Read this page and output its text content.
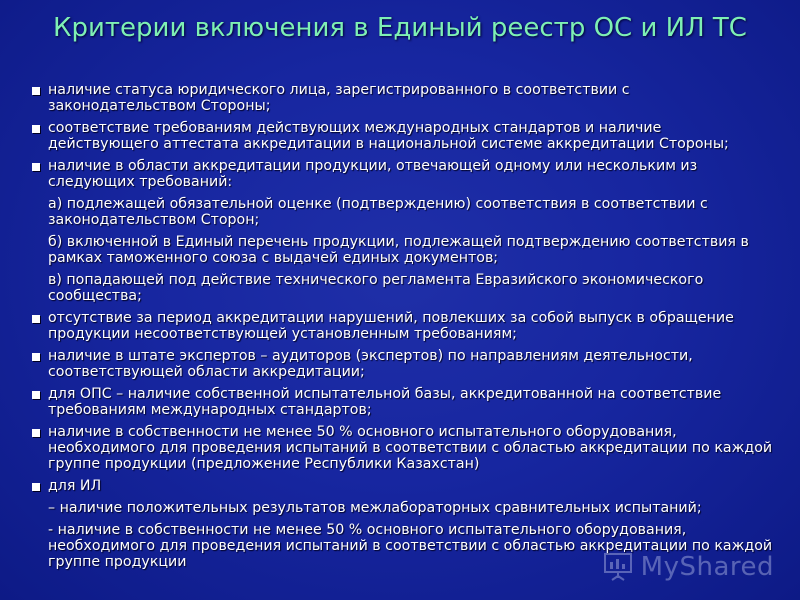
Критерии включения в Единый реестр ОС и ИЛ ТС
наличие статуса юридического лица, зарегистрированного в соответствии с законодательством Стороны;
соответствие требованиям действующих международных стандартов и наличие действующего аттестата аккредитации в национальной системе аккредитации Стороны;
наличие в области аккредитации продукции, отвечающей одному или нескольким из следующих требований:
а) подлежащей обязательной оценке (подтверждению) соответствия в соответствии с законодательством Сторон;
б) включенной в Единый перечень продукции, подлежащей подтверждению соответствия в рамках таможенного союза с выдачей единых документов;
в) попадающей под действие технического регламента Евразийского экономического сообщества;
отсутствие за период аккредитации нарушений, повлекших за собой выпуск в обращение продукции несоответствующей установленным требованиям;
наличие в штате экспертов – аудиторов (экспертов) по направлениям деятельности, соответствующей области аккредитации;
для ОПС – наличие собственной испытательной базы, аккредитованной на соответствие требованиям международных стандартов;
наличие в собственности не менее 50 % основного испытательного оборудования, необходимого для проведения испытаний в соответствии с областью аккредитации по каждой группе продукции (предложение Республики Казахстан)
для ИЛ
– наличие положительных результатов межлабораторных сравнительных испытаний;
- наличие в собственности не менее 50 % основного испытательного оборудования, необходимого для проведения испытаний в соответствии с областью аккредитации по каждой группе продукции	MyShared
